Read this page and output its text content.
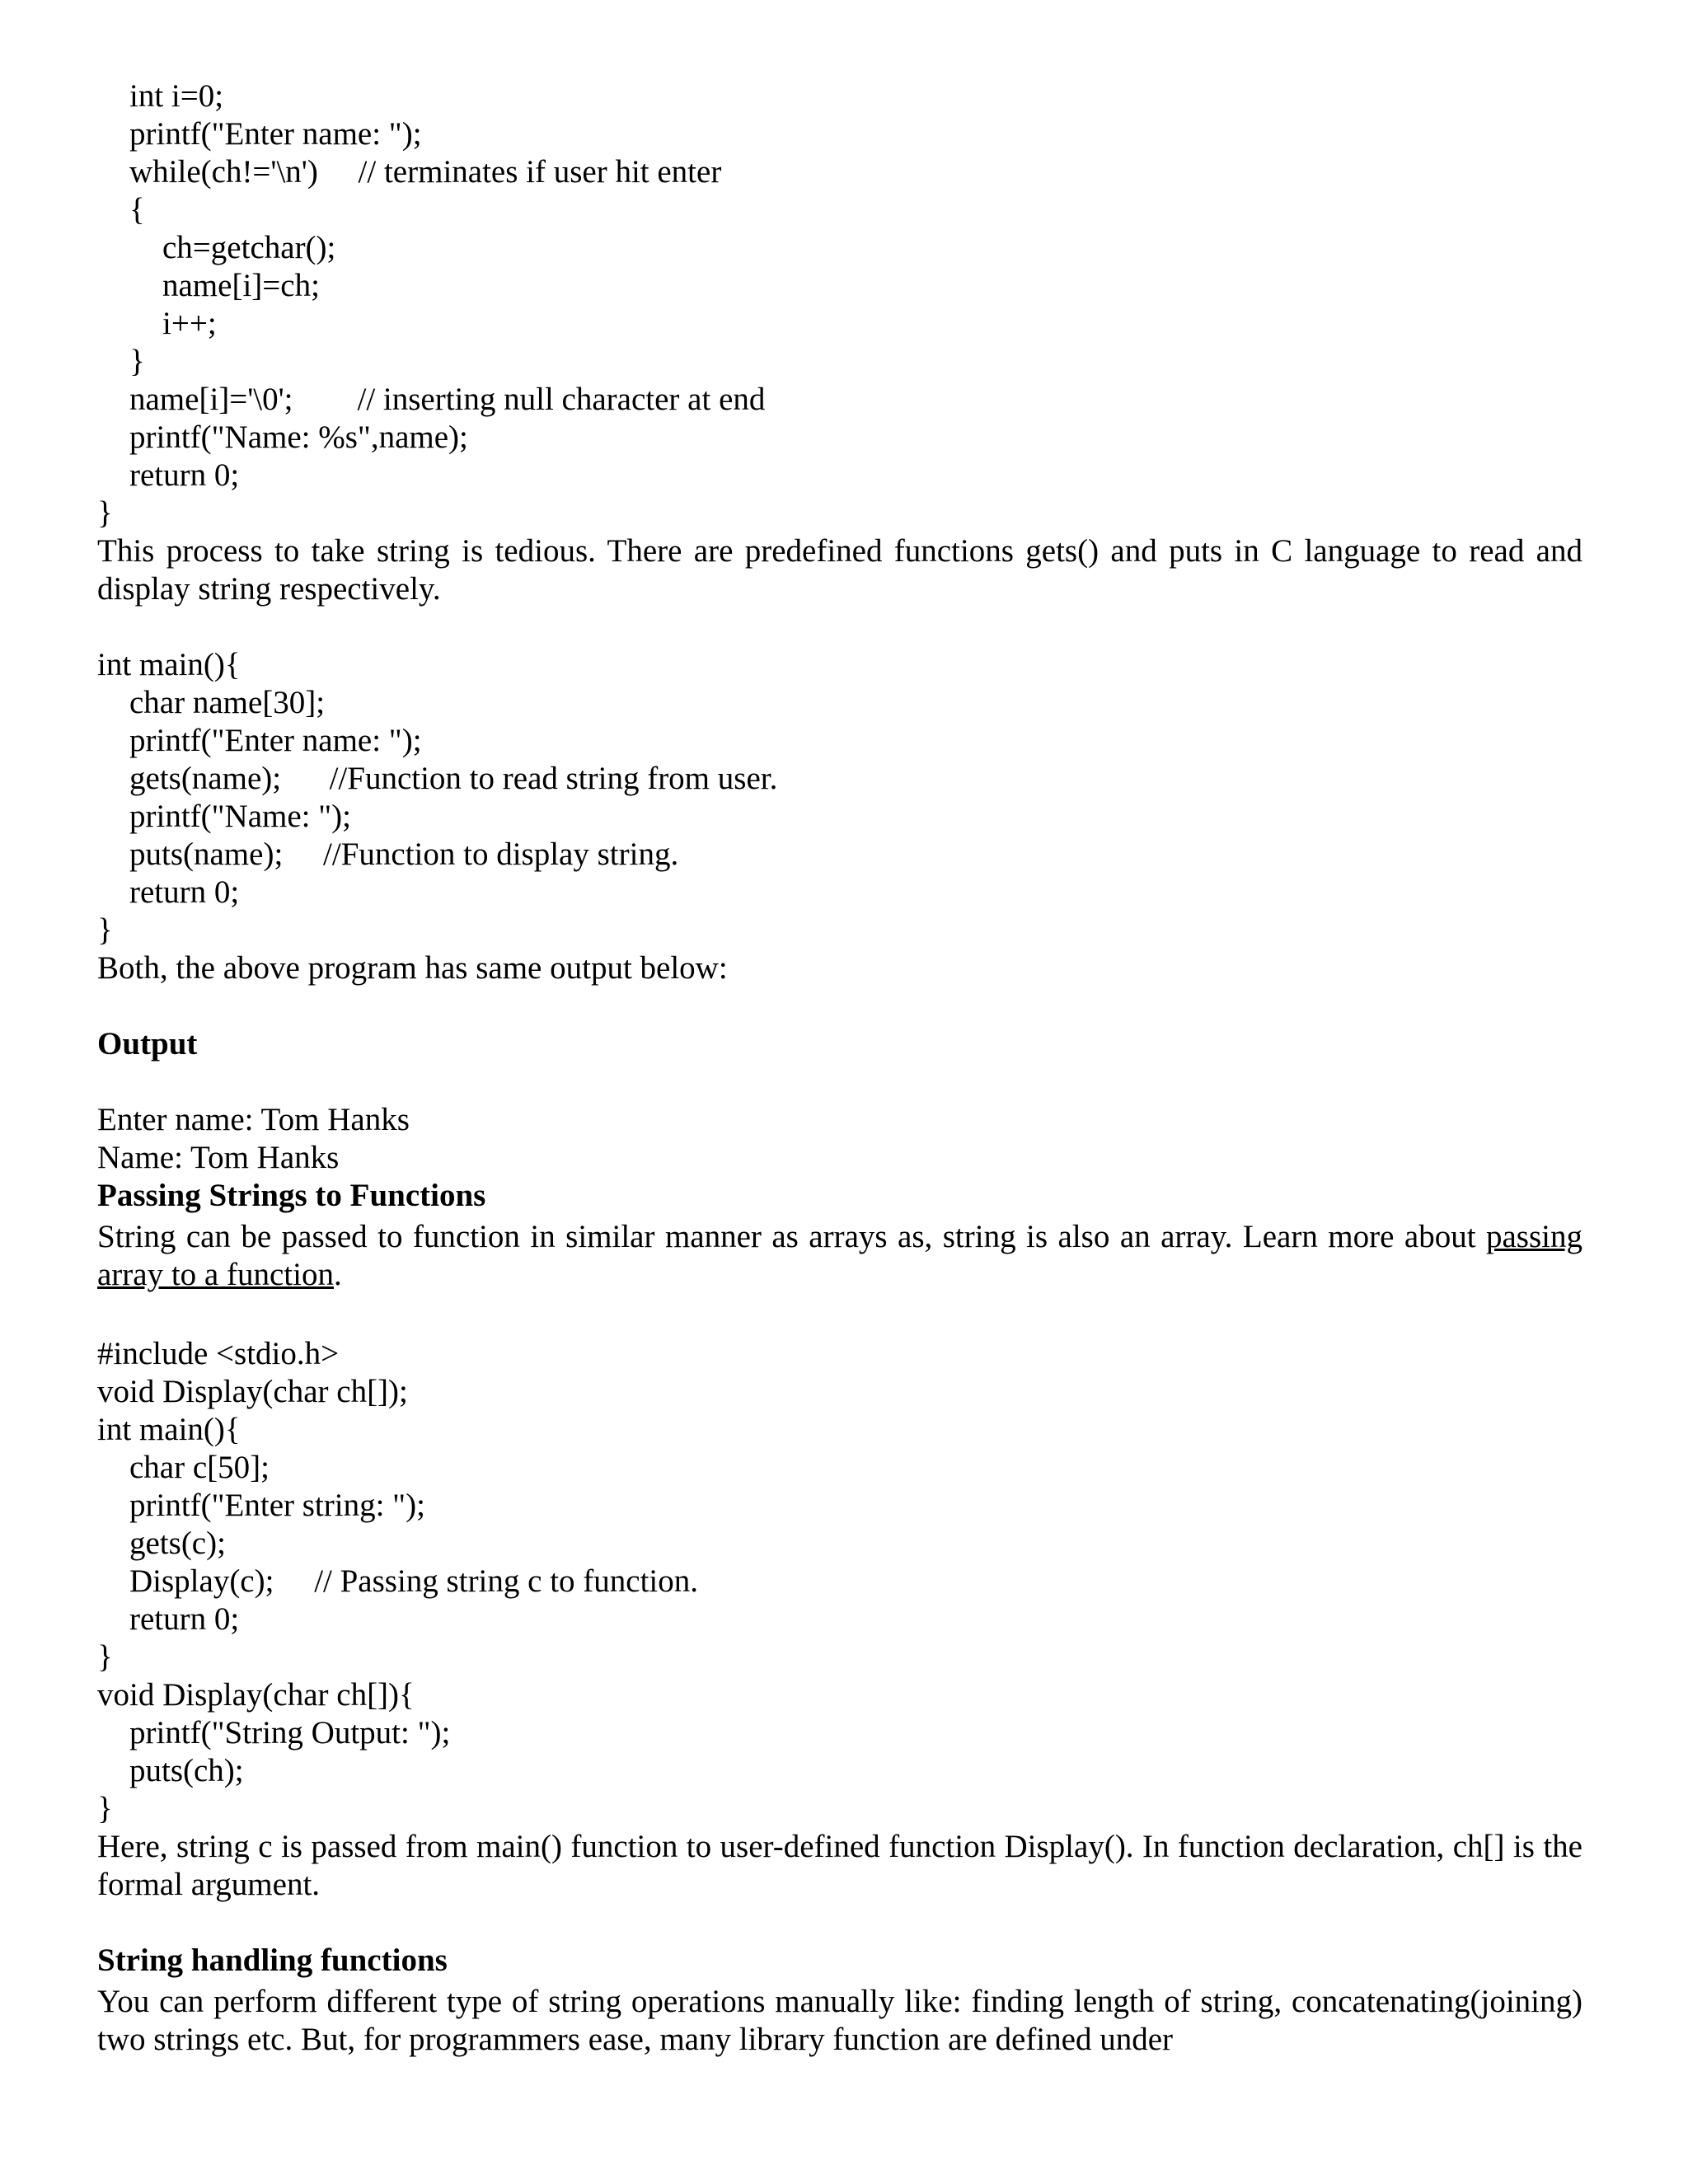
int i=0;
printf("Enter name: ");
while(ch!='\n')     // terminates if user hit enter
{
ch=getchar();
name[i]=ch;
i++;
}
name[i]='\0';        // inserting null character at end
printf("Name: %s",name);
return 0;
}
This process to take string is tedious. There are predefined functions gets() and puts in C language to read and display string respectively.
int main(){
char name[30];
printf("Enter name: ");
gets(name);      //Function to read string from user.
printf("Name: ");
puts(name);     //Function to display string.
return 0;
}
Both, the above program has same output below:
Output
Enter name: Tom Hanks
Name: Tom Hanks
Passing Strings to Functions
String can be passed to function in similar manner as arrays as, string is also an array. Learn more about passing array to a function.
#include <stdio.h>
void Display(char ch[]);
int main(){
char c[50];
printf("Enter string: ");
gets(c);
Display(c);     // Passing string c to function.
return 0;
}
void Display(char ch[]){
printf("String Output: ");
puts(ch);
}
Here, string c is passed from main() function to user-defined function Display(). In function declaration, ch[] is the formal argument.
String handling functions
You can perform different type of string operations manually like: finding length of string, concatenating(joining) two strings etc. But, for programmers ease, many library function are defined under
